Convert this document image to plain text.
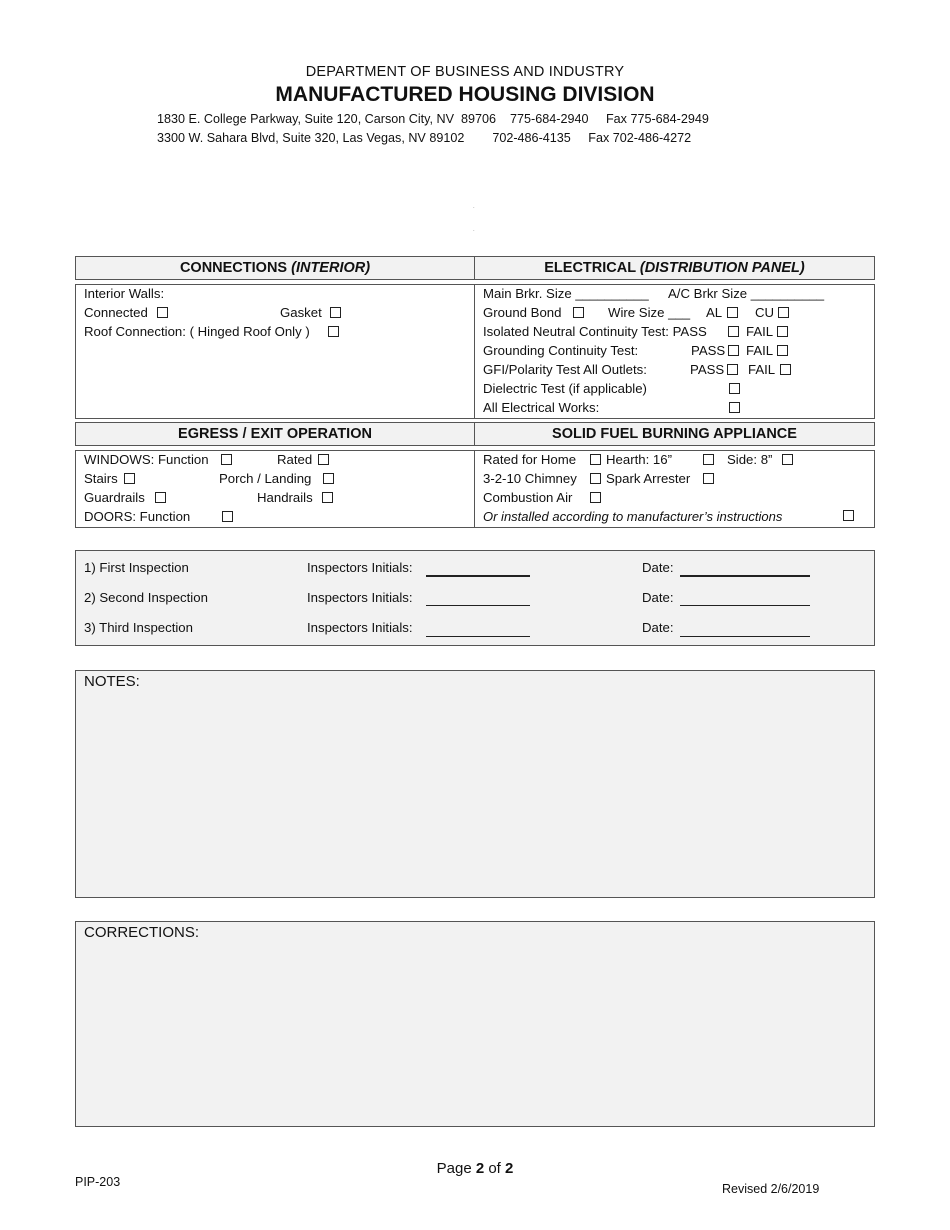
DEPARTMENT OF BUSINESS AND INDUSTRY
MANUFACTURED HOUSING DIVISION
1830 E. College Parkway, Suite 120, Carson City, NV  89706    775-684-2940     Fax 775-684-2949
3300 W. Sahara Blvd, Suite 320, Las Vegas, NV 89102        702-486-4135     Fax 702-486-4272
.
.
CONNECTIONS (INTERIOR)	ELECTRICAL (DISTRIBUTION PANEL)
Interior Walls:
Connected	Gasket
Roof Connection: ( Hinged Roof Only )
Main Brkr. Size __________ A/C Brkr Size __________
Ground Bond	Wire Size ___ AL CU
Isolated Neutral Continuity Test: PASS	FAIL
Grounding Continuity Test:	PASS FAIL
GFI/Polarity Test All Outlets:	PASS FAIL
Dielectric Test (if applicable)
All Electrical Works:
EGRESS / EXIT OPERATION	SOLID FUEL BURNING APPLIANCE
WINDOWS: Function	Rated
Stairs	Porch / Landing
Guardrails	Handrails
DOORS: Function
Rated for Home Hearth: 16”	Side: 8”
3-2-10 Chimney Spark Arrester
Combustion Air
Or installed according to manufacturer’s instructions
1) First Inspection	Inspectors Initials:	Date:
2) Second Inspection	Inspectors Initials:	Date:
3) Third Inspection	Inspectors Initials:	Date:
NOTES:
CORRECTIONS:
PIP-203
Page 2 of 2
Revised 2/6/2019
